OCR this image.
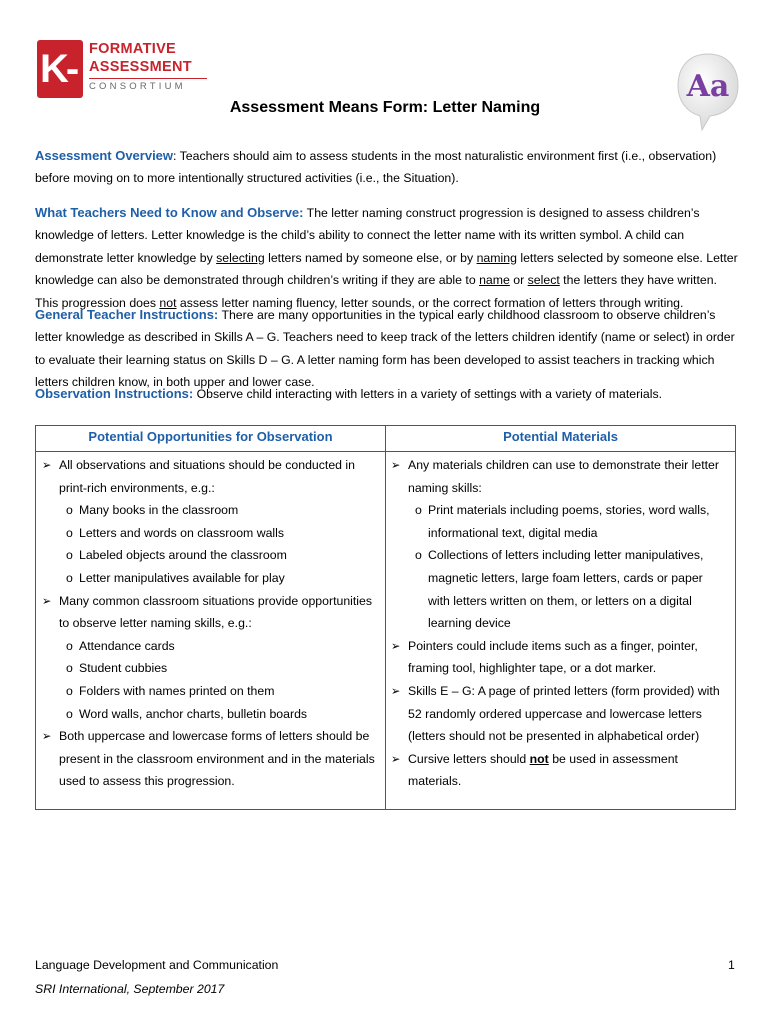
K-3
FORMATIVE
ASSESSMENT
CONSORTIUM	Aa
Assessment Means Form: Letter Naming
Assessment Overview: Teachers should aim to assess students in the most naturalistic environment first (i.e., observation) before moving on to more intentionally structured activities (i.e., the Situation).
What Teachers Need to Know and Observe: The letter naming construct progression is designed to assess children’s knowledge of letters. Letter knowledge is the child’s ability to connect the letter name with its written symbol. A child can demonstrate letter knowledge by selecting letters named by someone else, or by naming letters selected by someone else. Letter knowledge can also be demonstrated through children’s writing if they are able to name or select the letters they have written. This progression does not assess letter naming fluency, letter sounds, or the correct formation of letters through writing.
General Teacher Instructions: There are many opportunities in the typical early childhood classroom to observe children’s letter knowledge as described in Skills A – G. Teachers need to keep track of the letters children identify (name or select) in order to evaluate their learning status on Skills D – G. A letter naming form has been developed to assist teachers in tracking which letters children know, in both upper and lower case.
Observation Instructions: Observe child interacting with letters in a variety of settings with a variety of materials.
Potential Opportunities for Observation	Potential Materials
➢ All observations and situations should be conducted in print-rich environments, e.g.:
o Many books in the classroom
o Letters and words on classroom walls
o Labeled objects around the classroom
o Letter manipulatives available for play
➢ Many common classroom situations provide opportunities to observe letter naming skills, e.g.:
o Attendance cards
o Student cubbies
o Folders with names printed on them
o Word walls, anchor charts, bulletin boards
➢ Both uppercase and lowercase forms of letters should be present in the classroom environment and in the materials used to assess this progression.
➢ Any materials children can use to demonstrate their letter naming skills:
o Print materials including poems, stories, word walls, informational text, digital media
o Collections of letters including letter manipulatives, magnetic letters, large foam letters, cards or paper with letters written on them, or letters on a digital learning device
➢ Pointers could include items such as a finger, pointer, framing tool, highlighter tape, or a dot marker.
➢ Skills E – G: A page of printed letters (form provided) with 52 randomly ordered uppercase and lowercase letters (letters should not be presented in alphabetical order)
➢ Cursive letters should not be used in assessment materials.
Language Development and Communication
SRI International, September 2017
1
